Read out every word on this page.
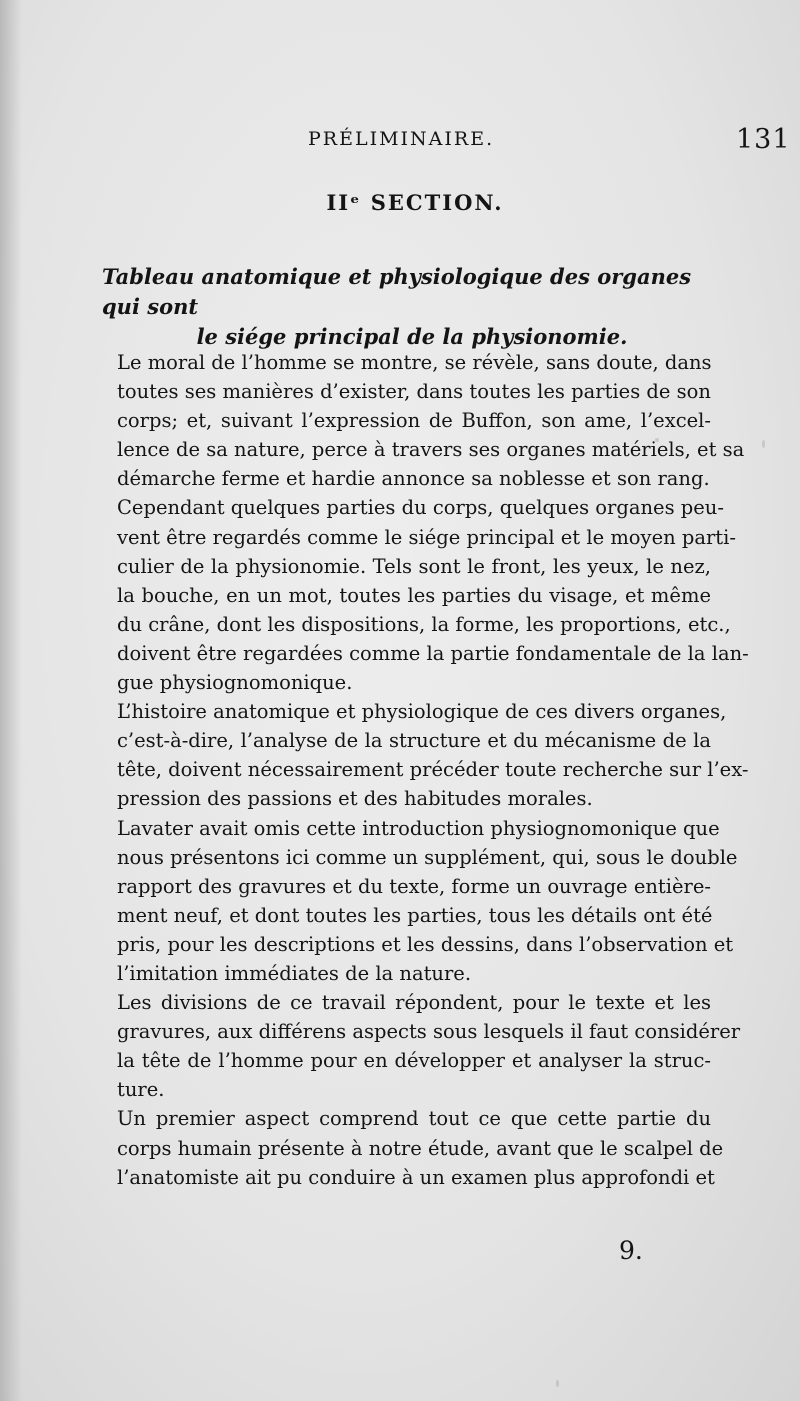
PRÉLIMINAIRE.	131
IIᵉ SECTION.
Tableau anatomique et physiologique des organes qui sont
le siége principal de la physionomie.
Le moral de l’homme se montre, se révèle, sans doute, dans
toutes ses manières d’exister, dans toutes les parties de son
corps; et, suivant l’expression de Buffon, son ame, l’excel-
lence de sa nature, perce à travers ses organes matériels, et sa
démarche ferme et hardie annonce sa noblesse et son rang.
Cependant quelques parties du corps, quelques organes peu-
vent être regardés comme le siége principal et le moyen parti-
culier de la physionomie. Tels sont le front, les yeux, le nez,
la bouche, en un mot, toutes les parties du visage, et même
du crâne, dont les dispositions, la forme, les proportions, etc.,
doivent être regardées comme la partie fondamentale de la lan-
gue physiognomonique.
L’histoire anatomique et physiologique de ces divers organes,
c’est-à-dire, l’analyse de la structure et du mécanisme de la
tête, doivent nécessairement précéder toute recherche sur l’ex-
pression des passions et des habitudes morales.
Lavater avait omis cette introduction physiognomonique que
nous présentons ici comme un supplément, qui, sous le double
rapport des gravures et du texte, forme un ouvrage entière-
ment neuf, et dont toutes les parties, tous les détails ont été
pris, pour les descriptions et les dessins, dans l’observation et
l’imitation immédiates de la nature.
Les divisions de ce travail répondent, pour le texte et les
gravures, aux différens aspects sous lesquels il faut considérer
la tête de l’homme pour en développer et analyser la struc-
ture.
Un premier aspect comprend tout ce que cette partie du
corps humain présente à notre étude, avant que le scalpel de
l’anatomiste ait pu conduire à un examen plus approfondi et
9.
